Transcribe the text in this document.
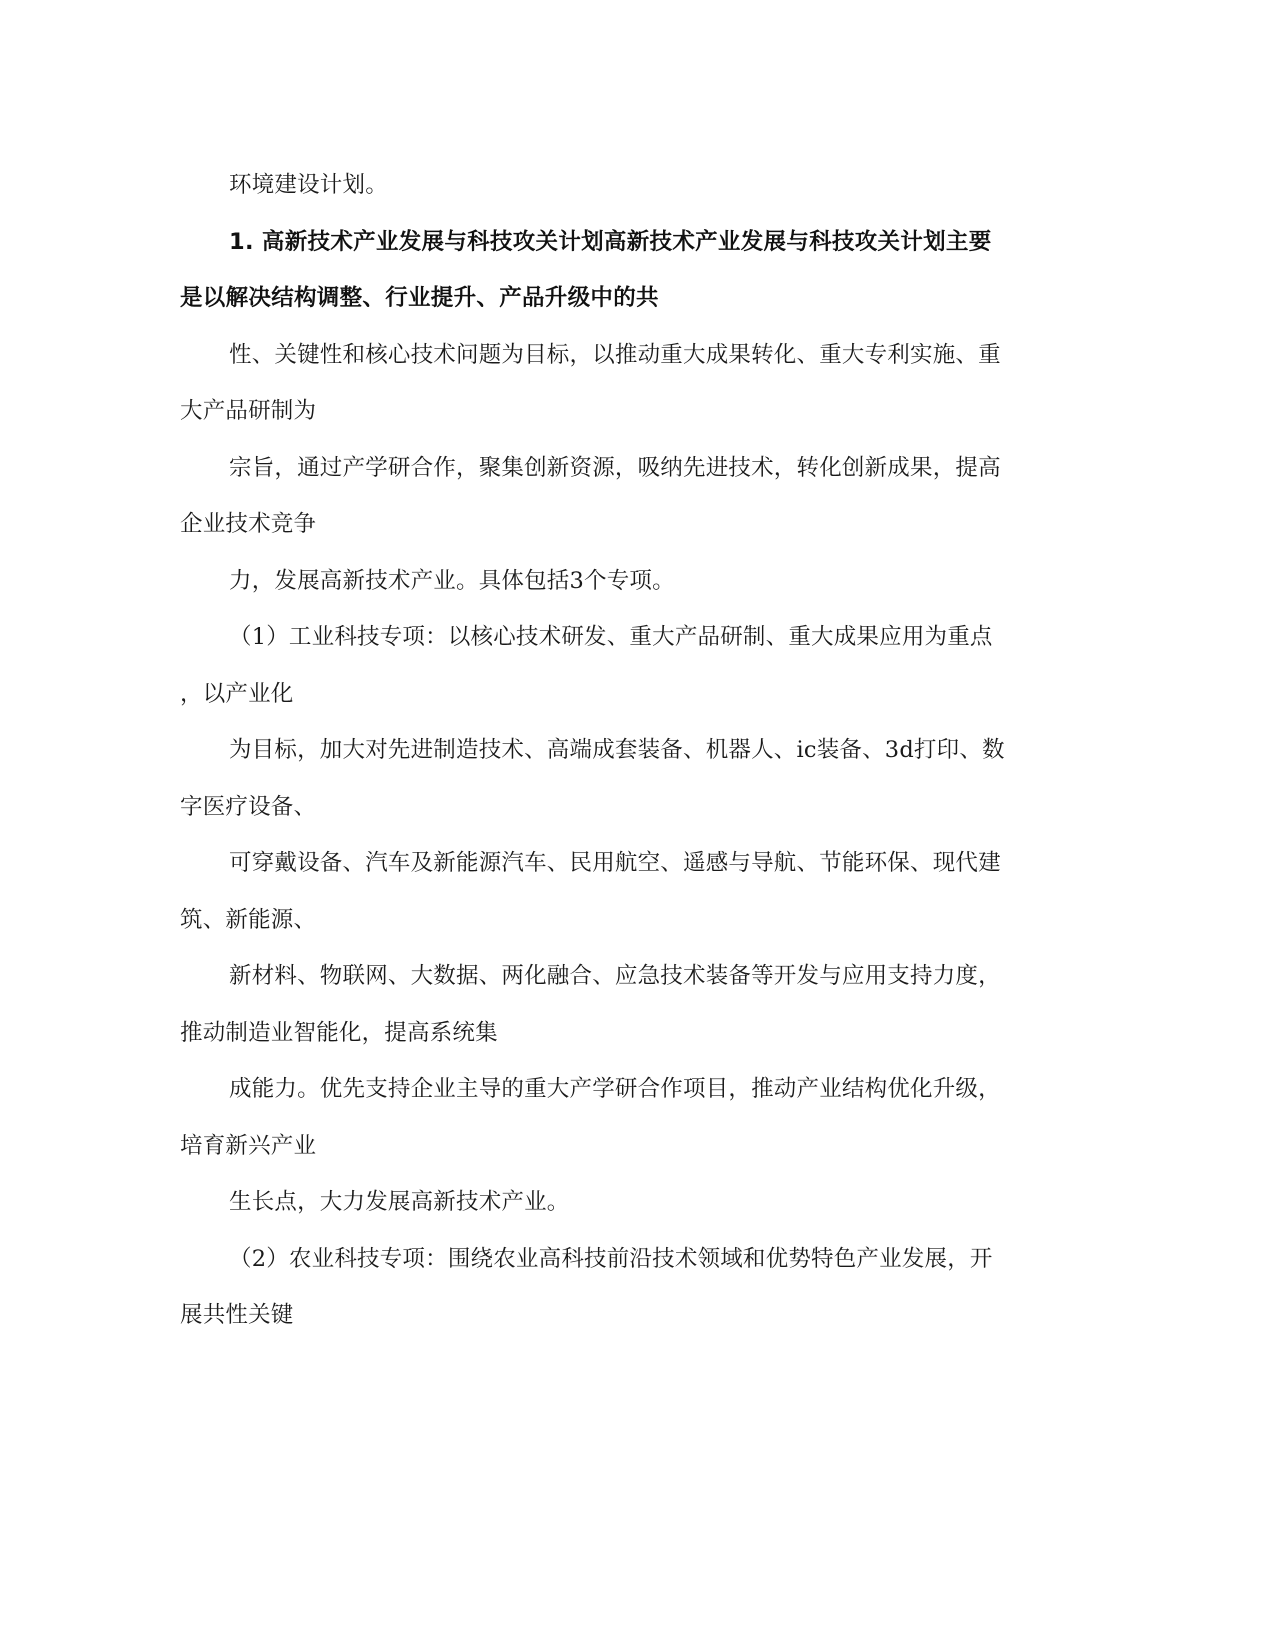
环境建设计划。
1. 高新技术产业发展与科技攻关计划高新技术产业发展与科技攻关计划主要
是以解决结构调整、行业提升、产品升级中的共
性、关键性和核心技术问题为目标，以推动重大成果转化、重大专利实施、重
大产品研制为
宗旨，通过产学研合作，聚集创新资源，吸纳先进技术，转化创新成果，提高
企业技术竞争
力，发展高新技术产业。具体包括3个专项。
（1）工业科技专项：以核心技术研发、重大产品研制、重大成果应用为重点
，以产业化
为目标，加大对先进制造技术、高端成套装备、机器人、ic装备、3d打印、数
字医疗设备、
可穿戴设备、汽车及新能源汽车、民用航空、遥感与导航、节能环保、现代建
筑、新能源、
新材料、物联网、大数据、两化融合、应急技术装备等开发与应用支持力度，
推动制造业智能化，提高系统集
成能力。优先支持企业主导的重大产学研合作项目，推动产业结构优化升级，
培育新兴产业
生长点，大力发展高新技术产业。
（2）农业科技专项：围绕农业高科技前沿技术领域和优势特色产业发展，开
展共性关键
